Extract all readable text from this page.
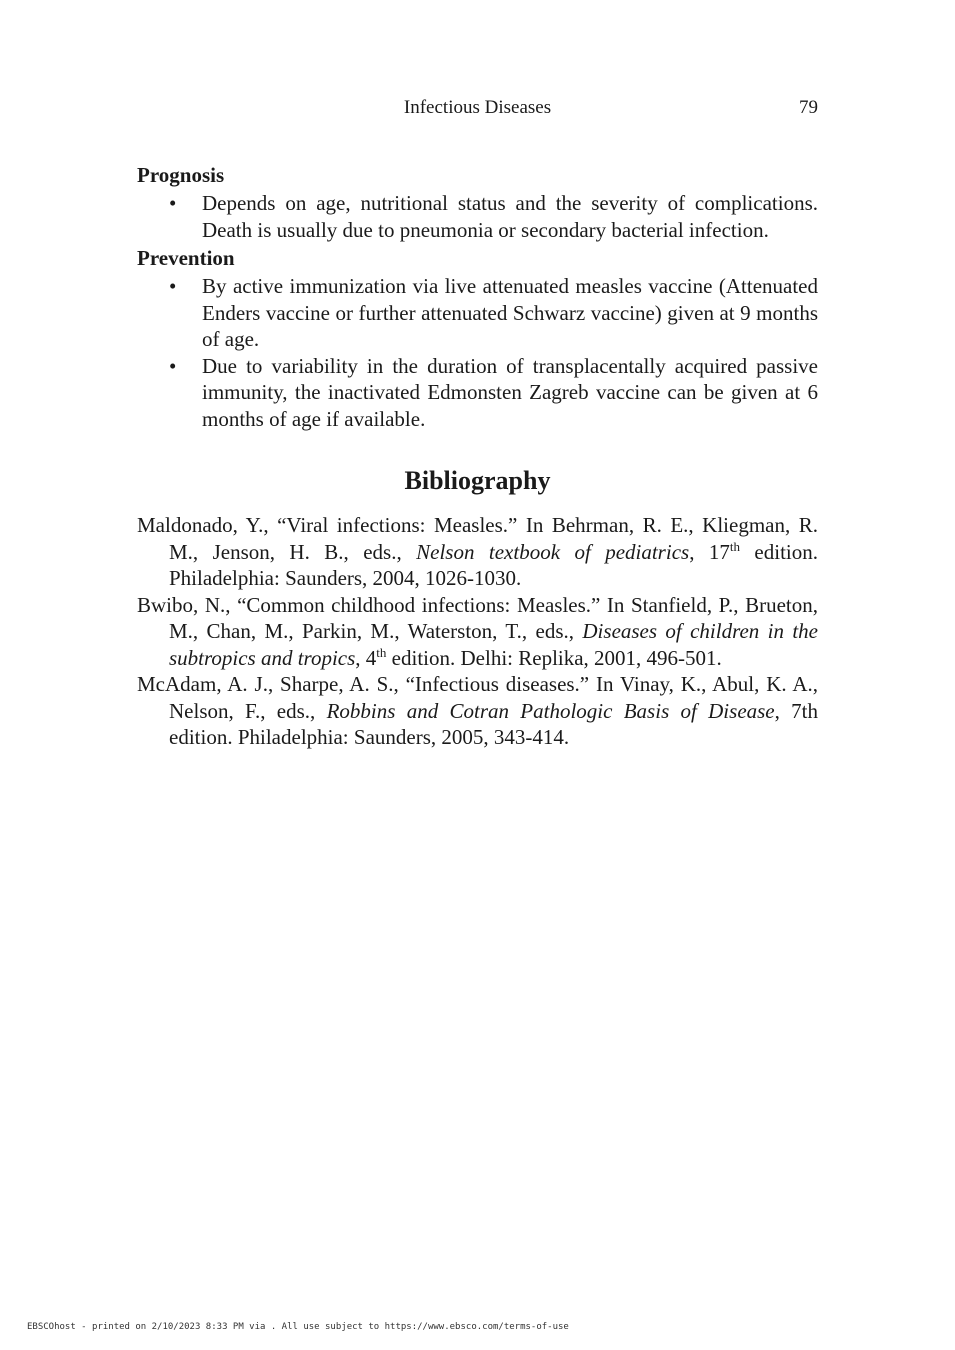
Infectious Diseases	79
Prognosis
• Depends on age, nutritional status and the severity of complications. Death is usually due to pneumonia or secondary bacterial infection.
Prevention
• By active immunization via live attenuated measles vaccine (Attenuated Enders vaccine or further attenuated Schwarz vaccine) given at 9 months of age.
• Due to variability in the duration of transplacentally acquired passive immunity, the inactivated Edmonsten Zagreb vaccine can be given at 6 months of age if available.
Bibliography
Maldonado, Y., “Viral infections: Measles.” In Behrman, R. E., Kliegman, R. M., Jenson, H. B., eds., Nelson textbook of pediatrics, 17th edition. Philadelphia: Saunders, 2004, 1026-1030.
Bwibo, N., “Common childhood infections: Measles.” In Stanfield, P., Brueton, M., Chan, M., Parkin, M., Waterston, T., eds., Diseases of children in the subtropics and tropics, 4th edition. Delhi: Replika, 2001, 496-501.
McAdam, A. J., Sharpe, A. S., “Infectious diseases.” In Vinay, K., Abul, K. A., Nelson, F., eds., Robbins and Cotran Pathologic Basis of Disease, 7th edition. Philadelphia: Saunders, 2005, 343-414.
EBSCOhost - printed on 2/10/2023 8:33 PM via . All use subject to https://www.ebsco.com/terms-of-use
